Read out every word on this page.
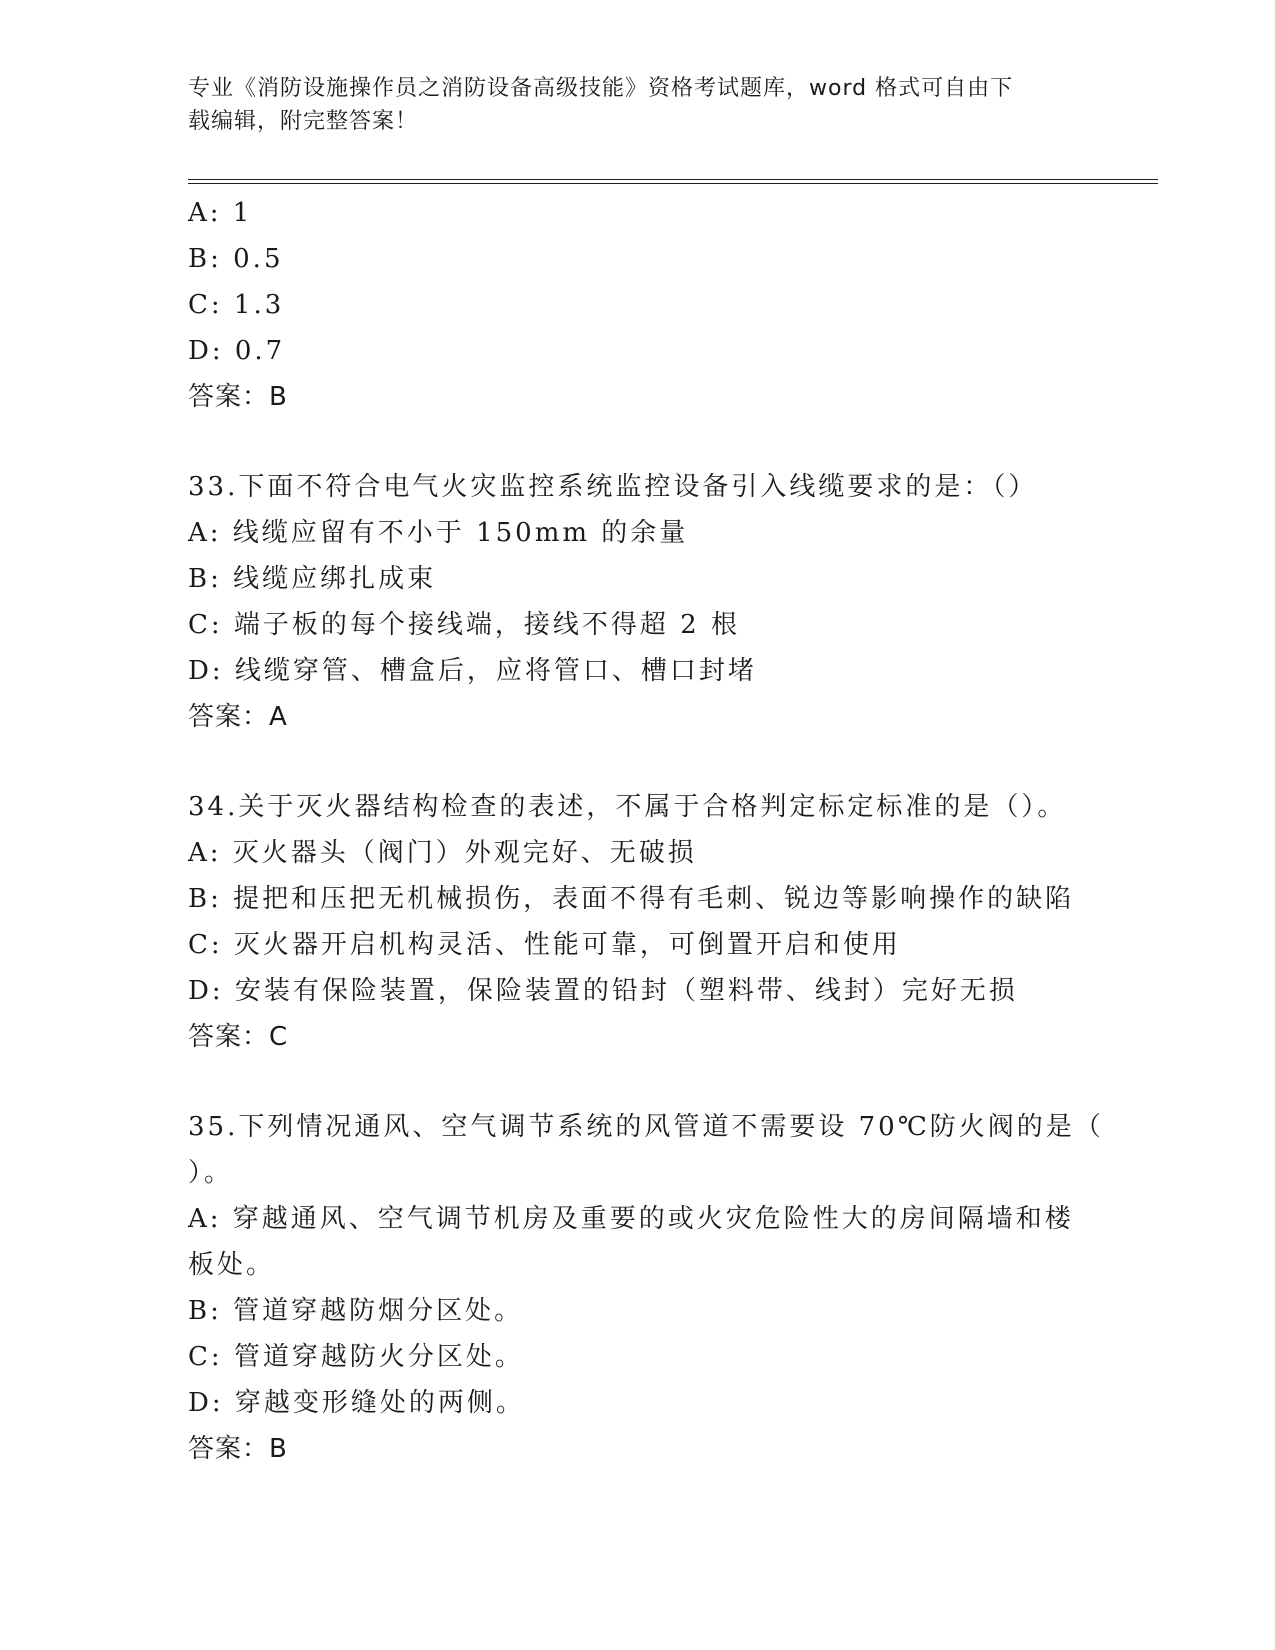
专业《消防设施操作员之消防设备高级技能》资格考试题库，word 格式可自由下
载编辑，附完整答案！
A: 1
B: 0.5
C: 1.3
D: 0.7
答案：B
33.下面不符合电气火灾监控系统监控设备引入线缆要求的是：（）
A: 线缆应留有不小于 150mm 的余量
B: 线缆应绑扎成束
C: 端子板的每个接线端，接线不得超 2 根
D: 线缆穿管、槽盒后，应将管口、槽口封堵
答案：A
34.关于灭火器结构检查的表述，不属于合格判定标定标准的是（）。
A: 灭火器头（阀门）外观完好、无破损
B: 提把和压把无机械损伤，表面不得有毛刺、锐边等影响操作的缺陷
C: 灭火器开启机构灵活、性能可靠，可倒置开启和使用
D: 安装有保险装置，保险装置的铅封（塑料带、线封）完好无损
答案：C
35.下列情况通风、空气调节系统的风管道不需要设 70℃防火阀的是（
）。
A: 穿越通风、空气调节机房及重要的或火灾危险性大的房间隔墙和楼
板处。
B: 管道穿越防烟分区处。
C: 管道穿越防火分区处。
D: 穿越变形缝处的两侧。
答案：B
